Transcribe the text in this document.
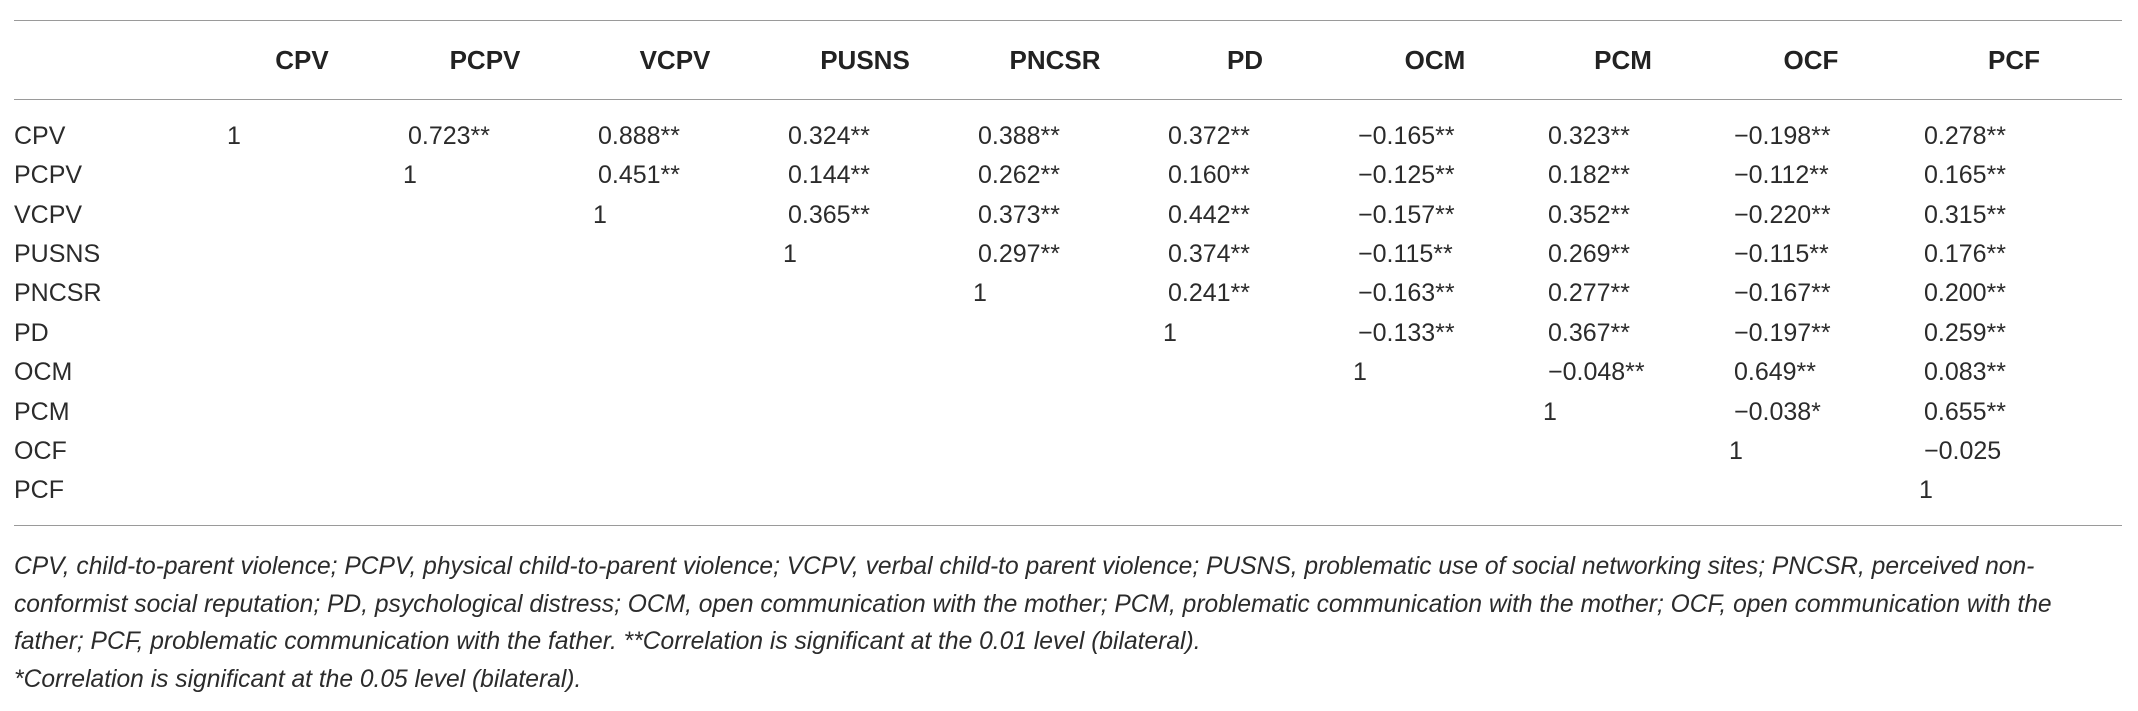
	CPV	PCPV	VCPV	PUSNS	PNCSR	PD	OCM	PCM	OCF	PCF
CPV	1	0.723**	0.888**	0.324**	0.388**	0.372**	−0.165**	0.323**	−0.198**	0.278**
PCPV		1	0.451**	0.144**	0.262**	0.160**	−0.125**	0.182**	−0.112**	0.165**
VCPV			1	0.365**	0.373**	0.442**	−0.157**	0.352**	−0.220**	0.315**
PUSNS				1	0.297**	0.374**	−0.115**	0.269**	−0.115**	0.176**
PNCSR					1	0.241**	−0.163**	0.277**	−0.167**	0.200**
PD						1	−0.133**	0.367**	−0.197**	0.259**
OCM							1	−0.048**	0.649**	0.083**
PCM								1	−0.038*	0.655**
OCF									1	−0.025
PCF										1

CPV, child-to-parent violence; PCPV, physical child-to-parent violence; VCPV, verbal child-to parent violence; PUSNS, problematic use of social networking sites; PNCSR, perceived non-conformist social reputation; PD, psychological distress; OCM, open communication with the mother; PCM, problematic communication with the mother; OCF, open communication with the father; PCF, problematic communication with the father. **Correlation is significant at the 0.01 level (bilateral).

*Correlation is significant at the 0.05 level (bilateral).
